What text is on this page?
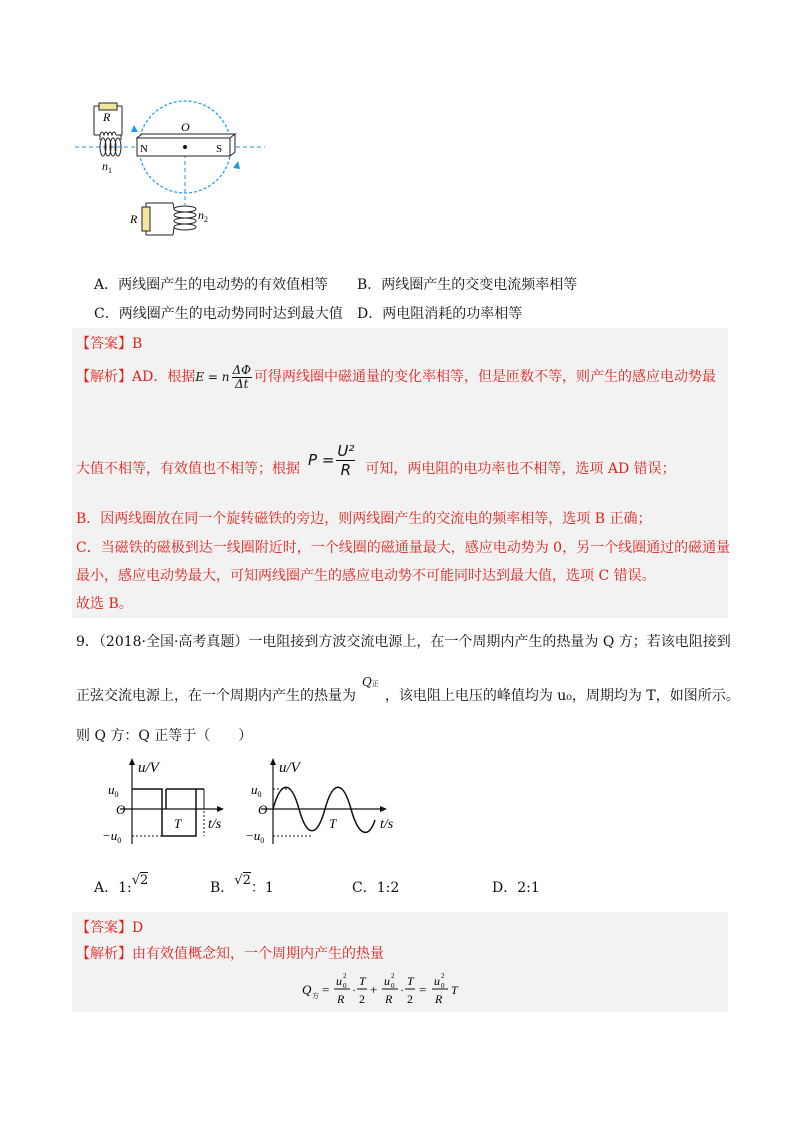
R
O
N	S
$n_1$
R	$n_2$
A．两线圈产生的电动势的有效值相等 B．两线圈产生的交变电流频率相等
C．两线圈产生的电动势同时达到最大值 D．两电阻消耗的功率相等
【答案】B
【解析】AD．根据E = n $\frac{\Delta\Phi}{\Delta t}$ 可得两线圈中磁通量的变化率相等，但是匝数不等，则产生的感应电动势最
大值不相等，有效值也不相等；根据 $P = \frac{\text{U²}}{R}$ 可知，两电阻的电功率也不相等，选项 AD 错误；
B．因两线圈放在同一个旋转磁铁的旁边，则两线圈产生的交流电的频率相等，选项 B 正确；
C．当磁铁的磁极到达一线圈附近时，一个线圈的磁通量最大，感应电动势为 0，另一个线圈通过的磁通量
最小，感应电动势最大，可知两线圈产生的感应电动势不可能同时达到最大值，选项 C 错误。
故选 B。
9．（2018·全国·高考真题）一电阻接到方波交流电源上，在一个周期内产生的热量为 Q 方；若该电阻接到
正弦交流电源上，在一个周期内产生的热量为Q正，该电阻上电压的峰值均为 u₀，周期均为 T，如图所示。
则 Q 方：Q 正等于（　　）
u/V
$u_0$
O
$-u_0$
T t/s
u/V
$u_0$
O
$-u_0$
T	t/s
A．1:√2	B．√2：1	C．1:2	D．2:1
【答案】D
【解析】由有效值概念知，一个周期内产生的热量
Q 方 =
u 2
0
R
·
T
2
+
u 2
0
R
·
T
2
=
u 2
0
R
T
